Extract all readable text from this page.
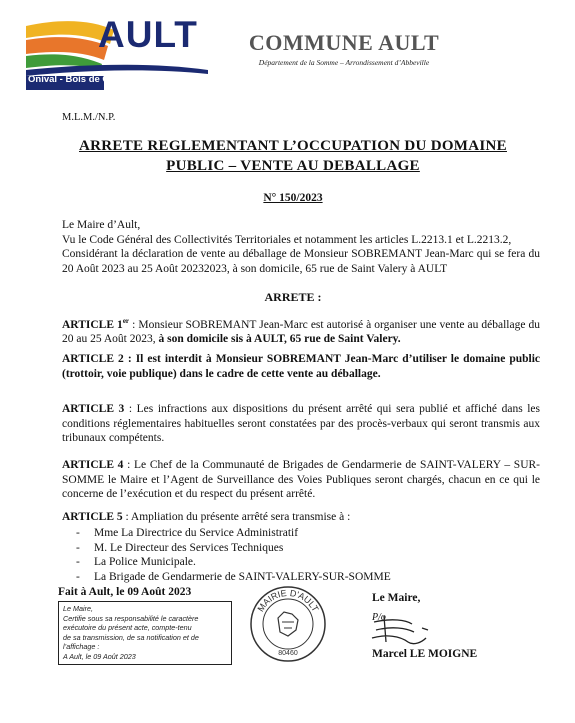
AULT
Onival - Bois de Cise
COMMUNE AULT
Département de la Somme – Arrondissement d’Abbeville
M.L.M./N.P.
ARRETE REGLEMENTANT L’OCCUPATION DU DOMAINE
PUBLIC – VENTE AU DEBALLAGE
N° 150/2023
Le Maire d’Ault,
Vu le Code Général des Collectivités Territoriales et notamment les articles L.2213.1 et L.2213.2,
Considérant la déclaration de vente au déballage de Monsieur SOBREMANT Jean-Marc qui se fera du 20 Août 2023 au 25 Août 20232023, à son domicile, 65 rue de Saint Valery à AULT
ARRETE :
ARTICLE 1er : Monsieur SOBREMANT Jean-Marc est autorisé à organiser une vente au déballage du 20 au 25 Août 2023, à son domicile sis à AULT, 65 rue de Saint Valery.
ARTICLE 2 : Il est interdit à Monsieur SOBREMANT Jean-Marc d’utiliser le domaine public (trottoir, voie publique) dans le cadre de cette vente au déballage.
ARTICLE 3 : Les infractions aux dispositions du présent arrêté qui sera publié et affiché dans les conditions réglementaires habituelles seront constatées par des procès-verbaux qui seront transmis aux tribunaux compétents.
ARTICLE 4 : Le Chef de la Communauté de Brigades de Gendarmerie de SAINT-VALERY – SUR-SOMME le Maire et l’Agent de Surveillance des Voies Publiques seront chargés, chacun en ce qui le concerne de l’exécution et du respect du présent arrêté.
ARTICLE 5 : Ampliation du présente arrêté sera transmise à :
-	Mme La Directrice du Service Administratif
-	M. Le Directeur des Services Techniques
-	La Police Municipale.
-	La Brigade de Gendarmerie de SAINT-VALERY-SUR-SOMME
Fait à Ault, le 09 Août 2023
Le Maire,
Certifie sous sa responsabilité le caractère
exécutoire du présent acte, compte-tenu
de sa transmission, de sa notification et de
l’affichage :
A Ault, le 09 Août 2023
MAIRIE D'AULT
80460
Le Maire,
P/o
Marcel LE MOIGNE
